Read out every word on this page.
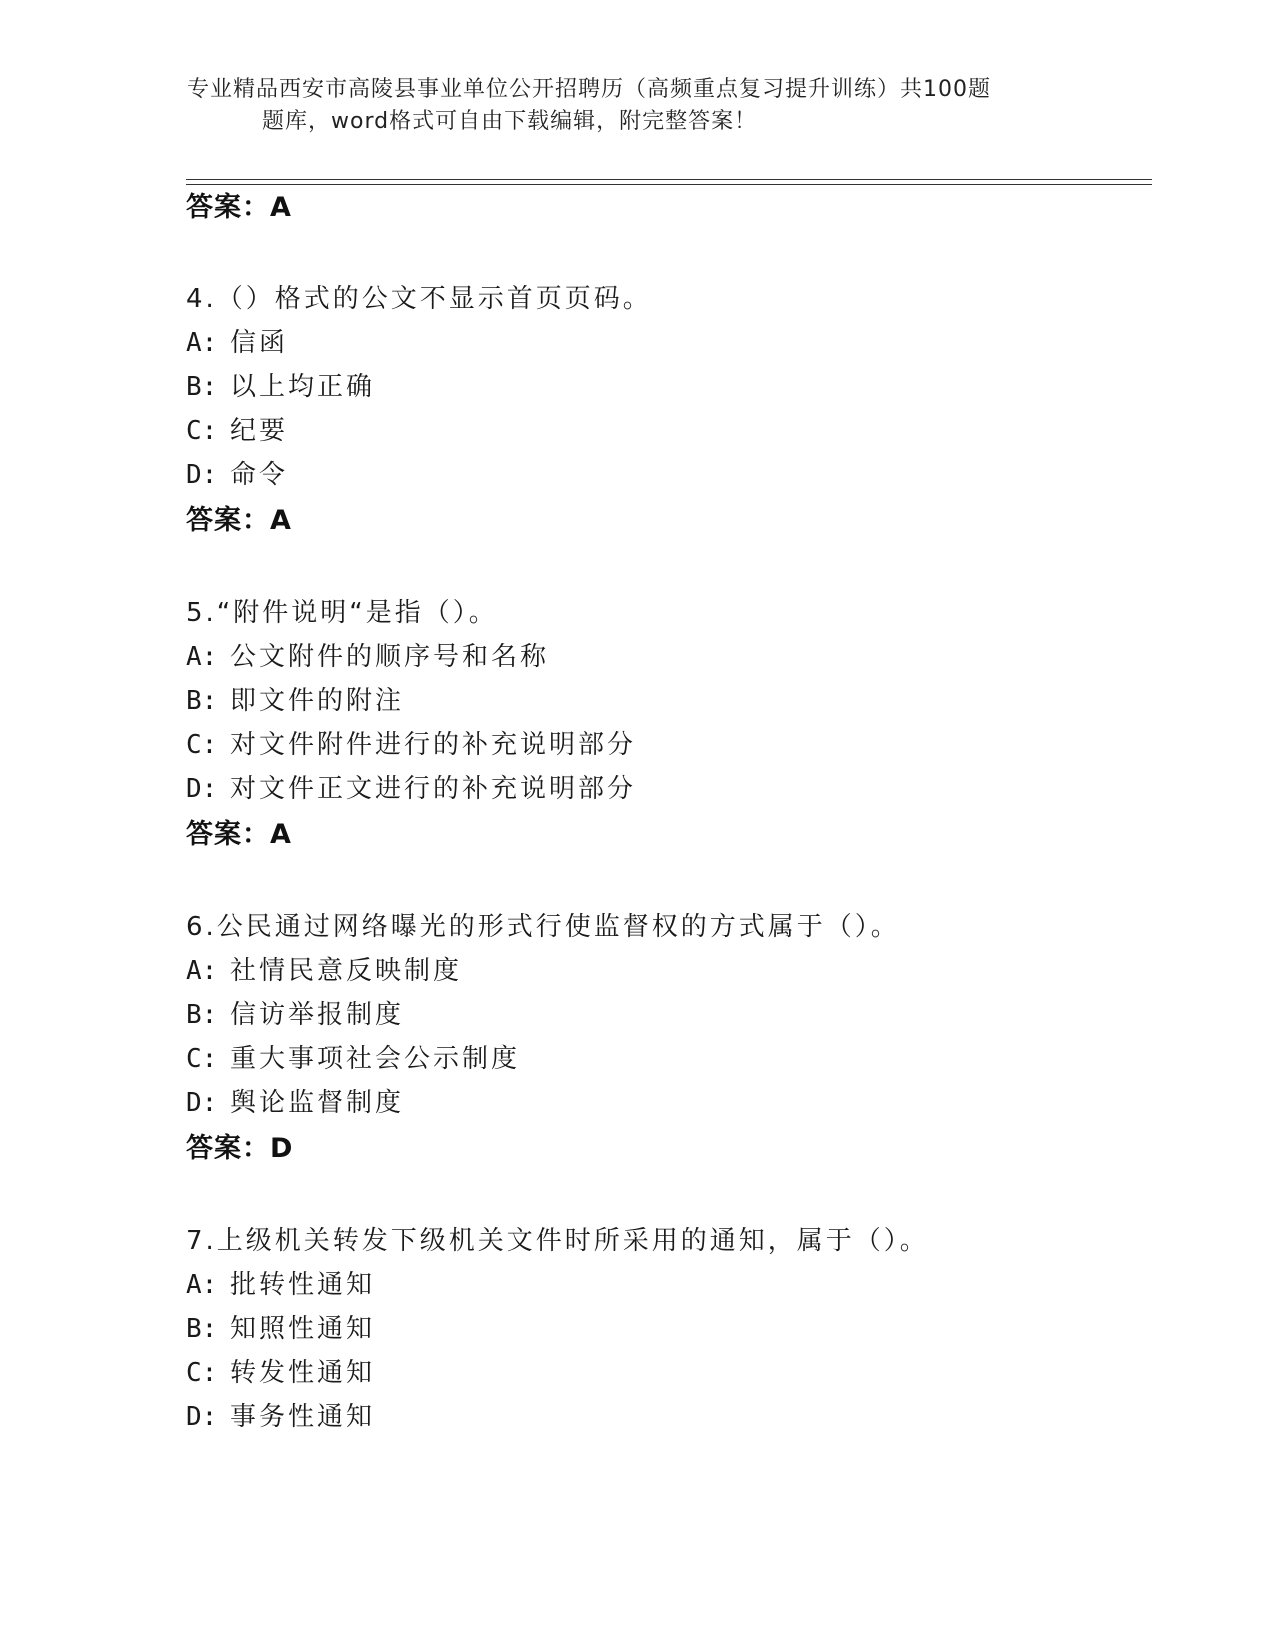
专业精品西安市高陵县事业单位公开招聘历（高频重点复习提升训练）共100题
题库，word格式可自由下载编辑，附完整答案！
答案：A
4.（）格式的公文不显示首页页码。
A: 信函
B: 以上均正确
C: 纪要
D: 命令
答案：A
5.“附件说明“是指（）。
A: 公文附件的顺序号和名称
B: 即文件的附注
C: 对文件附件进行的补充说明部分
D: 对文件正文进行的补充说明部分
答案：A
6.公民通过网络曝光的形式行使监督权的方式属于（）。
A: 社情民意反映制度
B: 信访举报制度
C: 重大事项社会公示制度
D: 舆论监督制度
答案：D
7.上级机关转发下级机关文件时所采用的通知，属于（）。
A: 批转性通知
B: 知照性通知
C: 转发性通知
D: 事务性通知
